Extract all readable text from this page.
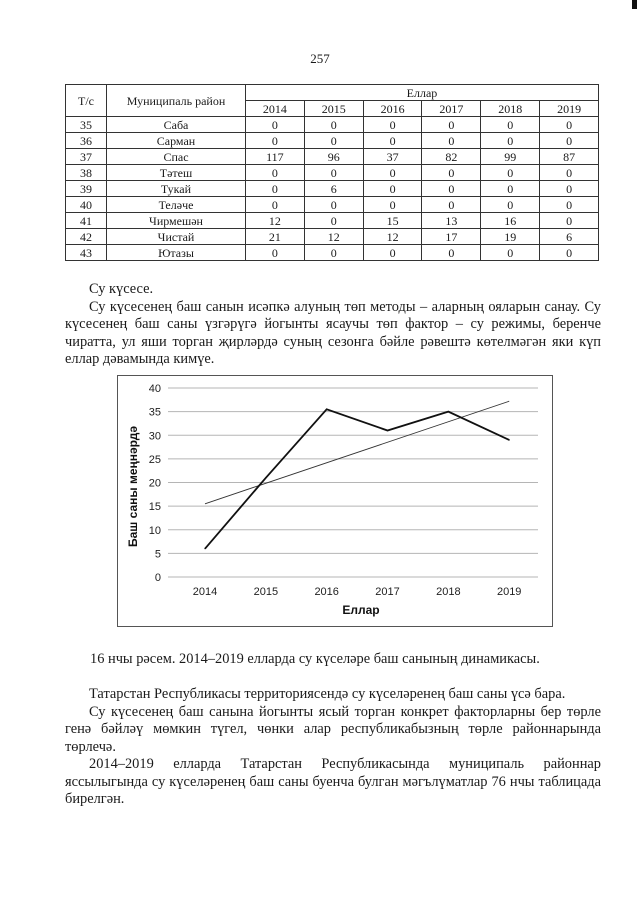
257
Т/с	Муниципаль район	Еллар					
		2014	2015	2016	2017	2018	2019
35	Саба	0	0	0	0	0	0
36	Сарман	0	0	0	0	0	0
37	Спас	117	96	37	82	99	87
38	Тәтеш	0	0	0	0	0	0
39	Тукай	0	6	0	0	0	0
40	Теләче	0	0	0	0	0	0
41	Чирмешән	12	0	15	13	16	0
42	Чистай	21	12	12	17	19	6
43	Ютазы	0	0	0	0	0	0

Су күсесе.

Су күсесенең баш санын исәпкә алуның төп методы – аларның ояларын санау. Су күсесенең баш саны үзгәрүгә йогынты ясаучы төп фактор – су режимы, беренче чиратта, ул яши торган җирләрдә суның сезонга бәйле рәвештә көтелмәгән яки күп еллар дәвамында кимүе.

0
5
10
15
20
25
30
35
40
2014	2015	2016	2017	2018	2019
Еллар
Баш саны меңнәрдә
16 нчы рәсем. 2014–2019 елларда су күселәре баш санының динамикасы.

Татарстан Республикасы территориясендә су күселәренең баш саны үсә бара.

Су күсесенең баш санына йогынты ясый торган конкрет факторларны бер төрле генә бәйләү мөмкин түгел, чөнки алар республикабызның төрле районнарында төрлечә.

2014–2019 елларда Татарстан Республикасында муниципаль районнар яссылыгында су күселәренең баш саны буенча булган мәгълүматлар 76 нчы таблицада бирелгән.
